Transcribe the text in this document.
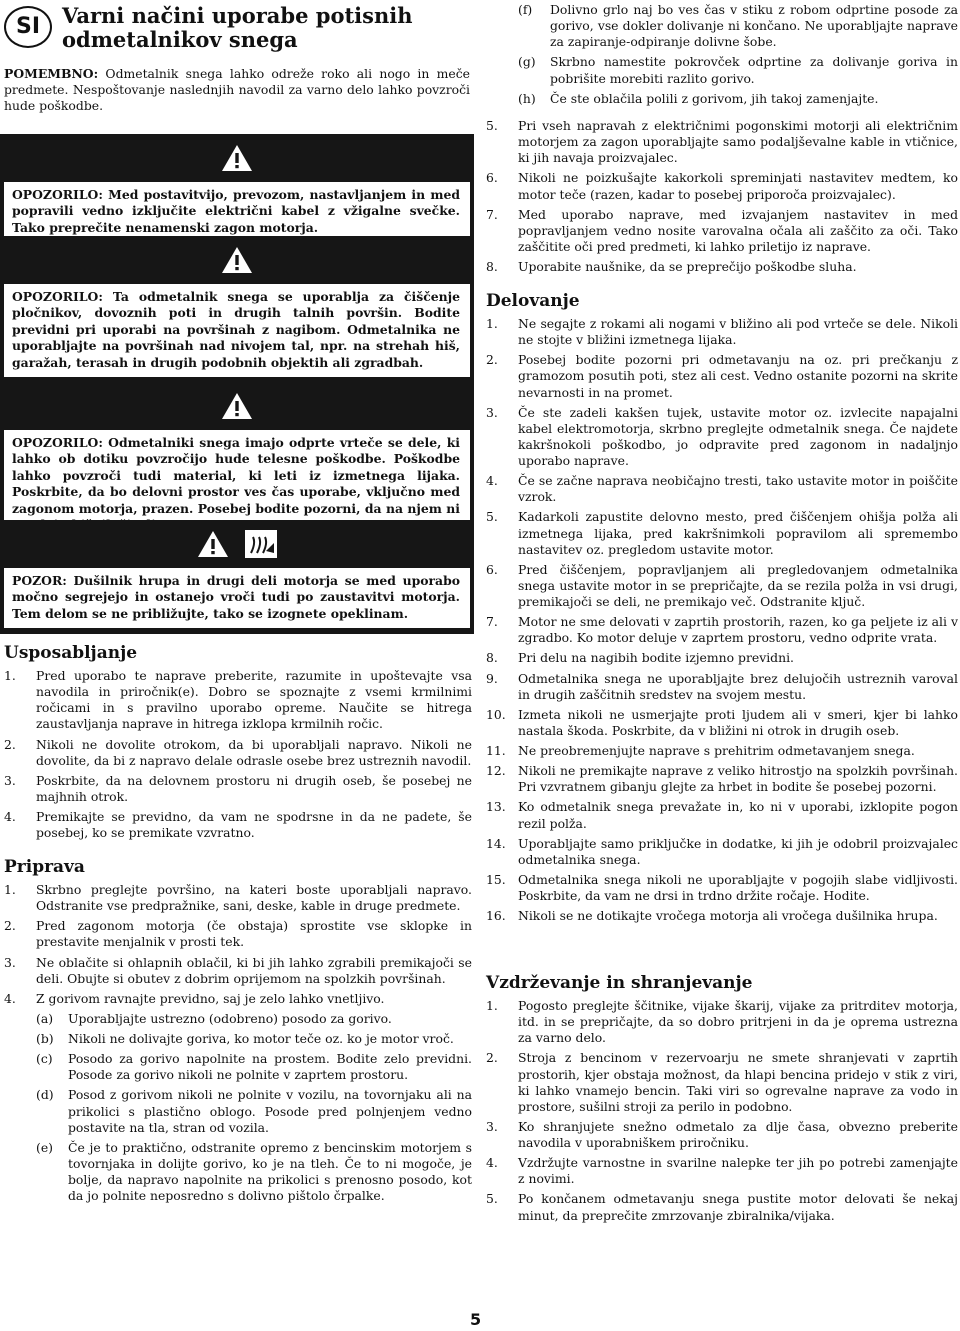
SI	Varni načini uporabe potisnih odmetalnikov snega

POMEMBNO: Odmetalnik snega lahko odreže roko ali nogo in meče predmete. Nespoštovanje naslednjih navodil za varno delo lahko povzroči hude poškodbe.

OPOZORILO: Med postavitvijo, prevozom, nastavljanjem in med popravili vedno izključite električni kabel z vžigalne svečke. Tako preprečite nenamenski zagon motorja.
OPOZORILO: Ta odmetalnik snega se uporablja za čiščenje pločnikov, dovoznih poti in drugih talnih površin. Bodite previdni pri uporabi na površinah z nagibom. Odmetalnika ne uporabljajte na površinah nad nivojem tal, npr. na strehah hiš, garažah, terasah in drugih podobnih objektih ali zgradbah.
OPOZORILO: Odmetalniki snega imajo odprte vrteče se dele, ki lahko ob dotiku povzročijo hude telesne poškodbe. Poškodbe lahko povzroči tudi material, ki leti iz izmetnega lijaka. Poskrbite, da bo delovni prostor ves čas uporabe, vključno med zagonom motorja, prazen. Posebej bodite pozorni, da na njem ni
POZOR: Dušilnik hrupa in drugi deli motorja se med uporabo močno segrejejo in ostanejo vroči tudi po zaustavitvi motorja. Tem delom se ne približujte, tako se izognete opeklinam.
Usposabljanje
1. Pred uporabo te naprave preberite, razumite in upoštevajte vsa navodila in priročnik(e). Dobro se spoznajte z vsemi krmilnimi ročicami in s pravilno uporabo opreme. Naučite se hitrega zaustavljanja naprave in hitrega izklopa krmilnih ročic.
2. Nikoli ne dovolite otrokom, da bi uporabljali napravo. Nikoli ne dovolite, da bi z napravo delale odrasle osebe brez ustreznih navodil.
3. Poskrbite, da na delovnem prostoru ni drugih oseb, še posebej ne majhnih otrok.
4. Premikajte se previdno, da vam ne spodrsne in da ne padete, še posebej, ko se premikate vzvratno.
Priprava
1. Skrbno preglejte površino, na kateri boste uporabljali napravo. Odstranite vse predpražnike, sani, deske, kable in druge predmete.
2. Pred zagonom motorja (če obstaja) sprostite vse sklopke in prestavite menjalnik v prosti tek.
3. Ne oblačite si ohlapnih oblačil, ki bi jih lahko zgrabili premikajoči se deli. Obujte si obutev z dobrim oprijemom na spolzkih površinah.
4. Z gorivom ravnajte previdno, saj je zelo lahko vnetljivo.
(a) Uporabljajte ustrezno (odobreno) posodo za gorivo.
(b) Nikoli ne dolivajte goriva, ko motor teče oz. ko je motor vroč.
(c) Posodo za gorivo napolnite na prostem. Bodite zelo previdni. Posode za gorivo nikoli ne polnite v zaprtem prostoru.
(d) Posod z gorivom nikoli ne polnite v vozilu, na tovornjaku ali na prikolici s plastično oblogo. Posode pred polnjenjem vedno postavite na tla, stran od vozila.
(e) Če je to praktično, odstranite opremo z bencinskim motorjem s tovornjaka in dolijte gorivo, ko je na tleh. Če to ni mogoče, je bolje, da napravo napolnite na prikolici s prenosno posodo, kot da jo polnite neposredno s dolivno pištolo črpalke.
(f) Dolivno grlo naj bo ves čas v stiku z robom odprtine posode za gorivo, vse dokler dolivanje ni končano. Ne uporabljajte naprave za zapiranje-odpiranje dolivne šobe.
(g) Skrbno namestite pokrovček odprtine za dolivanje goriva in pobrišite morebiti razlito gorivo.
(h) Če ste oblačila polili z gorivom, jih takoj zamenjajte.
5. Pri vseh napravah z električnimi pogonskimi motorji ali električnim motorjem za zagon uporabljajte samo podaljševalne kable in vtičnice, ki jih navaja proizvajalec.
6. Nikoli ne poizkušajte kakorkoli spreminjati nastavitev medtem, ko motor teče (razen, kadar to posebej priporoča proizvajalec).
7. Med uporabo naprave, med izvajanjem nastavitev in med popravljanjem vedno nosite varovalna očala ali zaščito za oči. Tako zaščitite oči pred predmeti, ki lahko priletijo iz naprave.
8. Uporabite naušnike, da se preprečijo poškodbe sluha.
Delovanje
1. Ne segajte z rokami ali nogami v bližino ali pod vrteče se dele. Nikoli ne stojte v bližini izmetnega lijaka.
2. Posebej bodite pozorni pri odmetavanju na oz. pri prečkanju z gramozom posutih poti, stez ali cest. Vedno ostanite pozorni na skrite nevarnosti in na promet.
3. Če ste zadeli kakšen tujek, ustavite motor oz. izvlecite napajalni kabel elektromotorja, skrbno preglejte odmetalnik snega. Če najdete kakršnokoli poškodbo, jo odpravite pred zagonom in nadaljnjo uporabo naprave.
4. Če se začne naprava neobičajno tresti, tako ustavite motor in poiščite vzrok.
5. Kadarkoli zapustite delovno mesto, pred čiščenjem ohišja polža ali izmetnega lijaka, pred kakršnimkoli popravilom ali spremembo nastavitev oz. pregledom ustavite motor.
6. Pred čiščenjem, popravljanjem ali pregledovanjem odmetalnika snega ustavite motor in se prepričajte, da se rezila polža in vsi drugi, premikajoči se deli, ne premikajo več. Odstranite ključ.
7. Motor ne sme delovati v zaprtih prostorih, razen, ko ga peljete iz ali v zgradbo. Ko motor deluje v zaprtem prostoru, vedno odprite vrata.
8. Pri delu na nagibih bodite izjemno previdni.
9. Odmetalnika snega ne uporabljajte brez delujočih ustreznih varoval in drugih zaščitnih sredstev na svojem mestu.
10. Izmeta nikoli ne usmerjajte proti ljudem ali v smeri, kjer bi lahko nastala škoda. Poskrbite, da v bližini ni otrok in drugih oseb.
11. Ne preobremenjujte naprave s prehitrim odmetavanjem snega.
12. Nikoli ne premikajte naprave z veliko hitrostjo na spolzkih površinah. Pri vzvratnem gibanju glejte za hrbet in bodite še posebej pozorni.
13. Ko odmetalnik snega prevažate in, ko ni v uporabi, izklopite pogon rezil polža.
14. Uporabljajte samo priključke in dodatke, ki jih je odobril proizvajalec odmetalnika snega.
15. Odmetalnika snega nikoli ne uporabljajte v pogojih slabe vidljivosti. Poskrbite, da vam ne drsi in trdno držite ročaje. Hodite.
16. Nikoli se ne dotikajte vročega motorja ali vročega dušilnika hrupa.
Vzdrževanje in shranjevanje
1. Pogosto preglejte ščitnike, vijake škarij, vijake za pritrditev motorja, itd. in se prepričajte, da so dobro pritrjeni in da je oprema ustrezna za varno delo.
2. Stroja z bencinom v rezervoarju ne smete shranjevati v zaprtih prostorih, kjer obstaja možnost, da hlapi bencina pridejo v stik z viri, ki lahko vnamejo bencin. Taki viri so ogrevalne naprave za vodo in prostore, sušilni stroji za perilo in podobno.
3. Ko shranjujete snežno odmetalo za dlje časa, obvezno preberite navodila v uporabniškem priročniku.
4. Vzdržujte varnostne in svarilne nalepke ter jih po potrebi zamenjajte z novimi.
5. Po končanem odmetavanju snega pustite motor delovati še nekaj minut, da preprečite zmrzovanje zbiralnika/vijaka.
5
